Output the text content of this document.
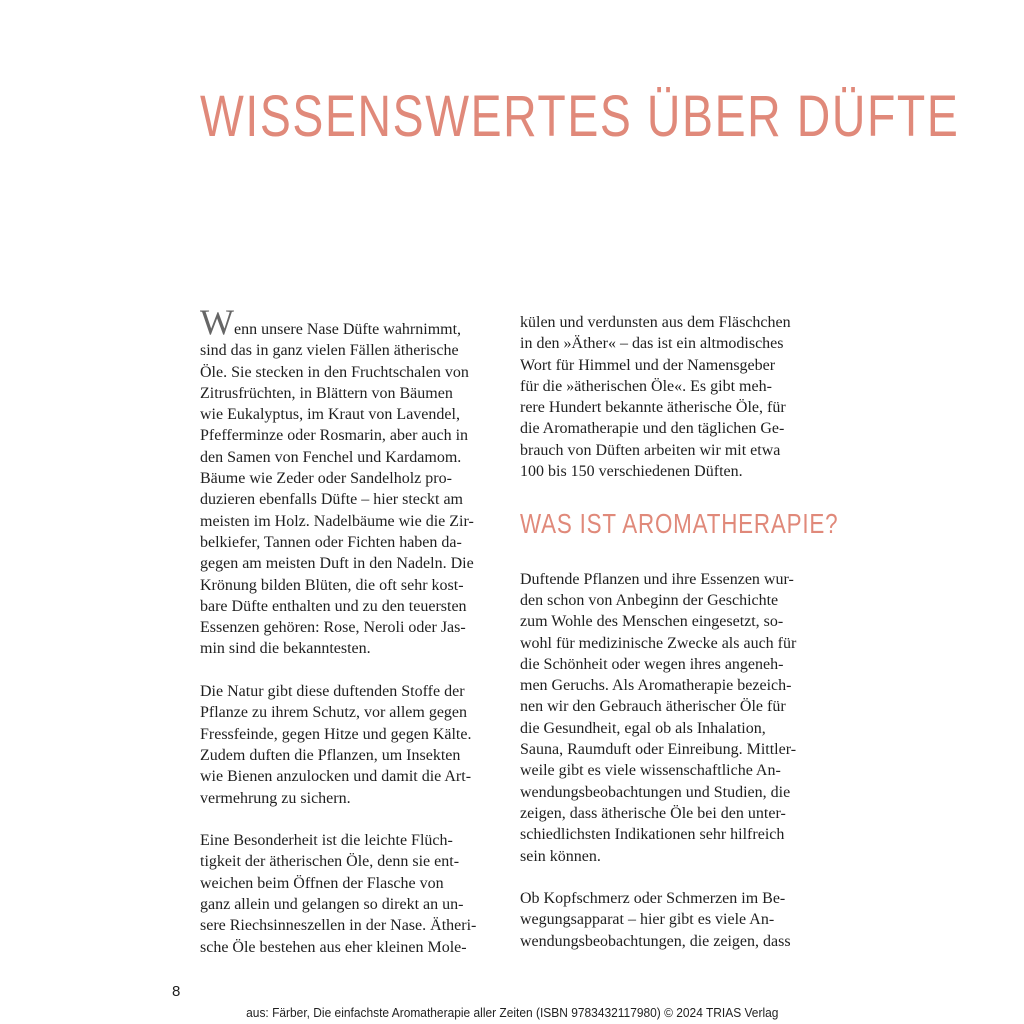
WISSENSWERTES ÜBER DÜFTE

Wenn unsere Nase Düfte wahrnimmt,
sind das in ganz vielen Fällen ätherische
Öle. Sie stecken in den Fruchtschalen von
Zitrusfrüchten, in Blättern von Bäumen
wie Eukalyptus, im Kraut von Lavendel,
Pfefferminze oder Rosmarin, aber auch in
den Samen von Fenchel und Kardamom.
Bäume wie Zeder oder Sandelholz pro-
duzieren ebenfalls Düfte – hier steckt am
meisten im Holz. Nadelbäume wie die Zir-
belkiefer, Tannen oder Fichten haben da-
gegen am meisten Duft in den Nadeln. Die
Krönung bilden Blüten, die oft sehr kost-
bare Düfte enthalten und zu den teuersten
Essenzen gehören: Rose, Neroli oder Jas-
min sind die bekanntesten.

Die Natur gibt diese duftenden Stoffe der
Pflanze zu ihrem Schutz, vor allem gegen
Fressfeinde, gegen Hitze und gegen Kälte.
Zudem duften die Pflanzen, um Insekten
wie Bienen anzulocken und damit die Art-
vermehrung zu sichern.

Eine Besonderheit ist die leichte Flüch-
tigkeit der ätherischen Öle, denn sie ent-
weichen beim Öffnen der Flasche von
ganz allein und gelangen so direkt an un-
sere Riechsinneszellen in der Nase. Ätheri-
sche Öle bestehen aus eher kleinen Mole-

külen und verdunsten aus dem Fläschchen
in den »Äther« – das ist ein altmodisches
Wort für Himmel und der Namensgeber
für die »ätherischen Öle«. Es gibt meh-
rere Hundert bekannte ätherische Öle, für
die Aromatherapie und den täglichen Ge-
brauch von Düften arbeiten wir mit etwa
100 bis 150 verschiedenen Düften.

WAS IST AROMATHERAPIE?

Duftende Pflanzen und ihre Essenzen wur-
den schon von Anbeginn der Geschichte
zum Wohle des Menschen eingesetzt, so-
wohl für medizinische Zwecke als auch für
die Schönheit oder wegen ihres angeneh-
men Geruchs. Als Aromatherapie bezeich-
nen wir den Gebrauch ätherischer Öle für
die Gesundheit, egal ob als Inhalation,
Sauna, Raumduft oder Einreibung. Mittler-
weile gibt es viele wissenschaftliche An-
wendungsbeobachtungen und Studien, die
zeigen, dass ätherische Öle bei den unter-
schiedlichsten Indikationen sehr hilfreich
sein können.

Ob Kopfschmerz oder Schmerzen im Be-
wegungsapparat – hier gibt es viele An-
wendungsbeobachtungen, die zeigen, dass

8
aus: Färber, Die einfachste Aromatherapie aller Zeiten (ISBN 9783432117980) © 2024 TRIAS Verlag
